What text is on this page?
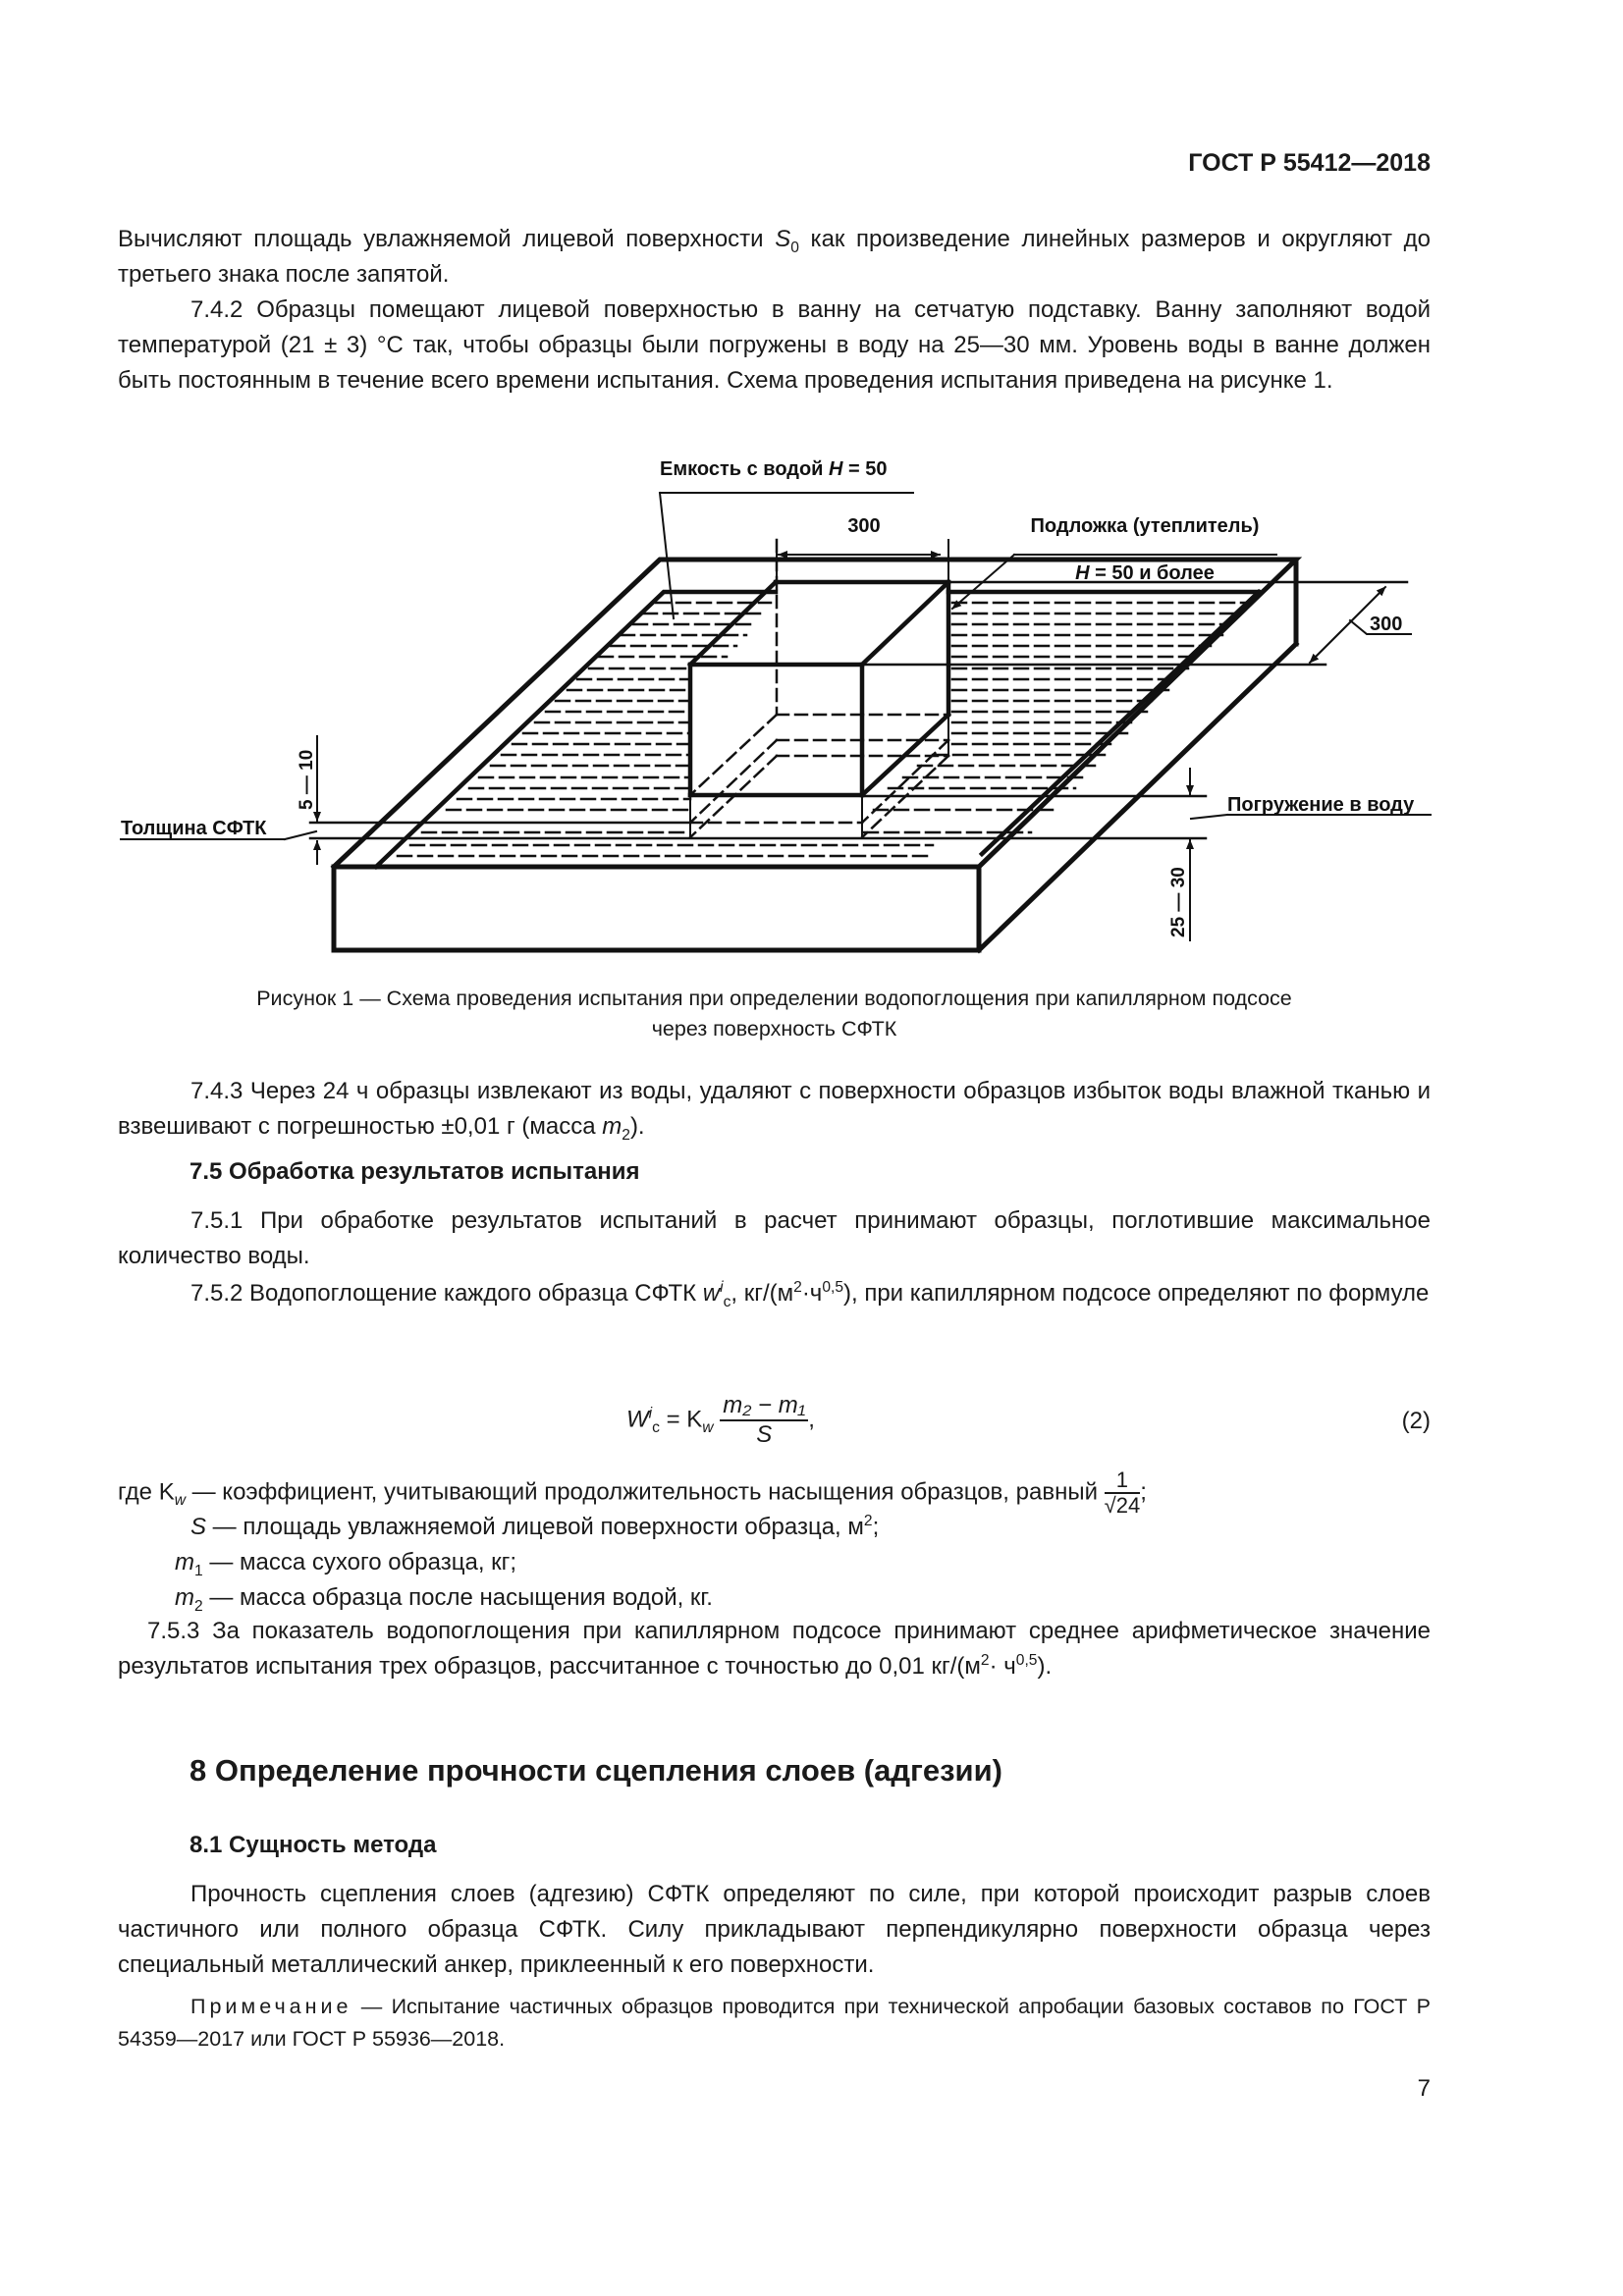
ГОСТ Р 55412—2018
Вычисляют площадь увлажняемой лицевой поверхности $S_0$ как произведение линейных размеров и округляют до третьего знака после запятой.
7.4.2 Образцы помещают лицевой поверхностью в ванну на сетчатую подставку. Ванну заполняют водой температурой (21 ± 3) °С так, чтобы образцы были погружены в воду на 25—30 мм. Уровень воды в ванне должен быть постоянным в течение всего времени испытания. Схема проведения испытания приведена на рисунке 1.
Емкость с водой H = 50
300	Подложка (утеплитель)
H = 50 и более
300
Толщина СФТК
Погружение в воду
5 — 10
25 — 30
Рисунок 1 — Схема проведения испытания при определении водопоглощения при капиллярном подсосе
через поверхность СФТК
7.4.3 Через 24 ч образцы извлекают из воды, удаляют с поверхности образцов избыток воды влажной тканью и взвешивают с погрешностью ±0,01 г (масса $m_2$).
7.5 Обработка результатов испытания
7.5.1 При обработке результатов испытаний в расчет принимают образцы, поглотившие максимальное количество воды.
7.5.2 Водопоглощение каждого образца СФТК $w^i_c$, $кг/(м^2\cdot ч^{0,5})$, при капиллярном подсосе определяют по формуле
$W^i_c = K_w \frac{\text{m₂ − m₁}}{S}$ ,	(2)
где $K_w$ — коэффициент, учитывающий продолжительность насыщения образцов, равный $\frac{1}{√24}$ ;
S — площадь увлажняемой лицевой поверхности образца, $м^2$;
$m_1$ — масса сухого образца, кг;
$m_2$ — масса образца после насыщения водой, кг.
7.5.3 За показатель водопоглощения при капиллярном подсосе принимают среднее арифметическое значение результатов испытания трех образцов, рассчитанное с точностью до 0,01 $кг/(м^2\cdot ч^{0,5})$.
8 Определение прочности сцепления слоев (адгезии)
8.1 Сущность метода
Прочность сцепления слоев (адгезию) СФТК определяют по силе, при которой происходит разрыв слоев частичного или полного образца СФТК. Силу прикладывают перпендикулярно поверхности образца через специальный металлический анкер, приклеенный к его поверхности.
Примечание — Испытание частичных образцов проводится при технической апробации базовых составов по ГОСТ Р 54359—2017 или ГОСТ Р 55936—2018.
7
